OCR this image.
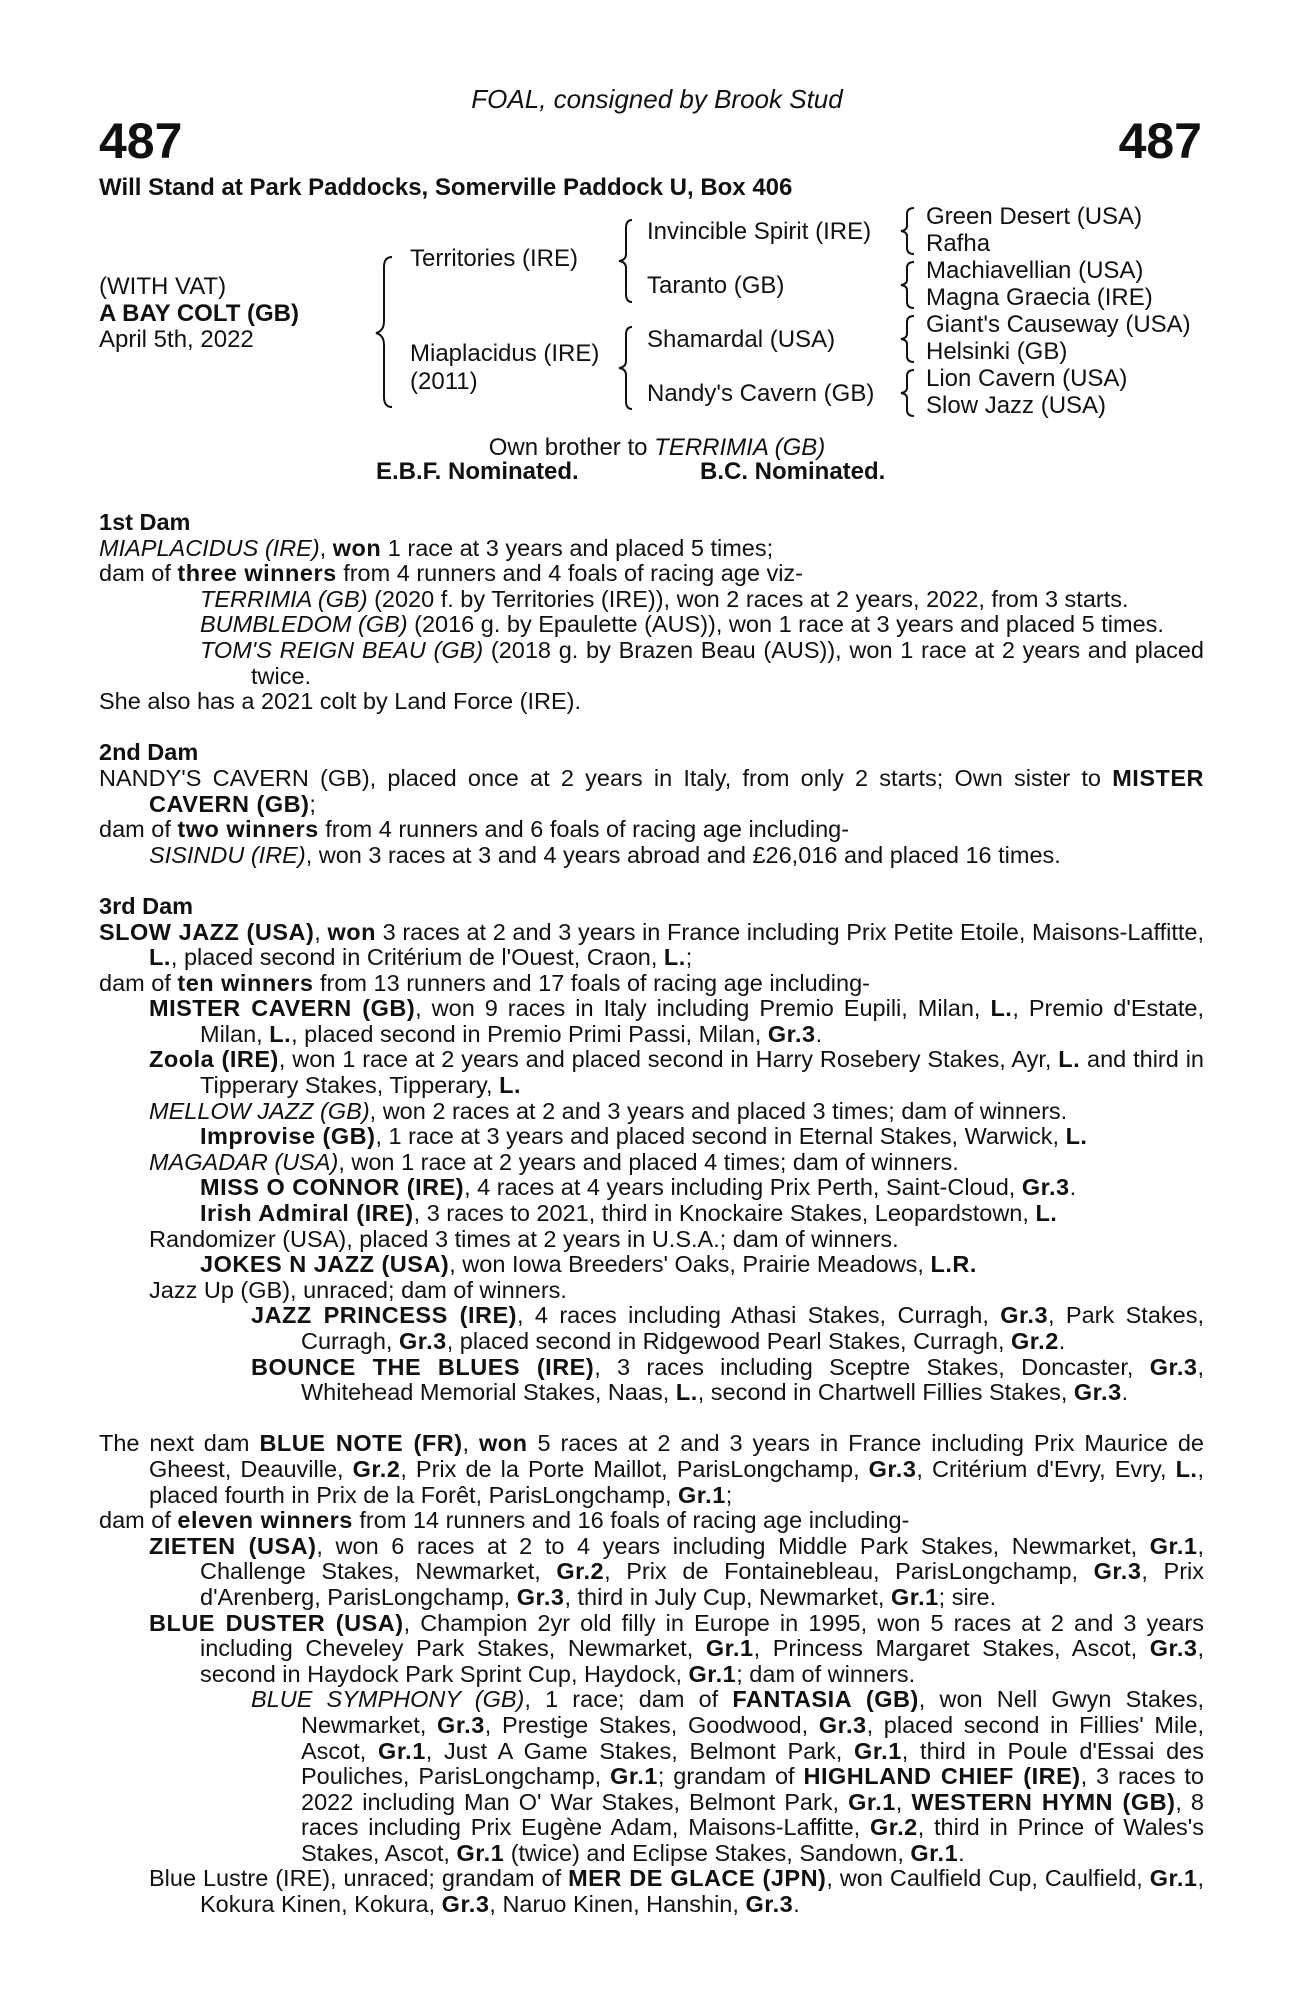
FOAL, consigned by Brook Stud
487	487
Will Stand at Park Paddocks, Somerville Paddock U, Box 406
(WITH VAT)
A BAY COLT (GB)
April 5th, 2022
Territories (IRE)
Miaplacidus (IRE)
(2011)
Invincible Spirit (IRE)
Taranto (GB)
Shamardal (USA)
Nandy's Cavern (GB)
Green Desert (USA)
Rafha
Machiavellian (USA)
Magna Graecia (IRE)
Giant's Causeway (USA)
Helsinki (GB)
Lion Cavern (USA)
Slow Jazz (USA)
Own brother to TERRIMIA (GB)
E.B.F. Nominated.	B.C. Nominated.
1st Dam
MIAPLACIDUS (IRE), won 1 race at 3 years and placed 5 times;
dam of three winners from 4 runners and 4 foals of racing age viz-
TERRIMIA (GB) (2020 f. by Territories (IRE)), won 2 races at 2 years, 2022, from 3 starts.
BUMBLEDOM (GB) (2016 g. by Epaulette (AUS)), won 1 race at 3 years and placed 5 times.
TOM'S REIGN BEAU (GB) (2018 g. by Brazen Beau (AUS)), won 1 race at 2 years and placed twice.
She also has a 2021 colt by Land Force (IRE).
2nd Dam
NANDY'S CAVERN (GB), placed once at 2 years in Italy, from only 2 starts; Own sister to MISTER CAVERN (GB);
dam of two winners from 4 runners and 6 foals of racing age including-
SISINDU (IRE), won 3 races at 3 and 4 years abroad and £26,016 and placed 16 times.
3rd Dam
SLOW JAZZ (USA), won 3 races at 2 and 3 years in France including Prix Petite Etoile, Maisons-Laffitte, L., placed second in Critérium de l'Ouest, Craon, L.;
dam of ten winners from 13 runners and 17 foals of racing age including-
MISTER CAVERN (GB), won 9 races in Italy including Premio Eupili, Milan, L., Premio d'Estate, Milan, L., placed second in Premio Primi Passi, Milan, Gr.3.
Zoola (IRE), won 1 race at 2 years and placed second in Harry Rosebery Stakes, Ayr, L. and third in Tipperary Stakes, Tipperary, L.
MELLOW JAZZ (GB), won 2 races at 2 and 3 years and placed 3 times; dam of winners.
Improvise (GB), 1 race at 3 years and placed second in Eternal Stakes, Warwick, L.
MAGADAR (USA), won 1 race at 2 years and placed 4 times; dam of winners.
MISS O CONNOR (IRE), 4 races at 4 years including Prix Perth, Saint-Cloud, Gr.3.
Irish Admiral (IRE), 3 races to 2021, third in Knockaire Stakes, Leopardstown, L.
Randomizer (USA), placed 3 times at 2 years in U.S.A.; dam of winners.
JOKES N JAZZ (USA), won Iowa Breeders' Oaks, Prairie Meadows, L.R.
Jazz Up (GB), unraced; dam of winners.
JAZZ PRINCESS (IRE), 4 races including Athasi Stakes, Curragh, Gr.3, Park Stakes, Curragh, Gr.3, placed second in Ridgewood Pearl Stakes, Curragh, Gr.2.
BOUNCE THE BLUES (IRE), 3 races including Sceptre Stakes, Doncaster, Gr.3, Whitehead Memorial Stakes, Naas, L., second in Chartwell Fillies Stakes, Gr.3.
The next dam BLUE NOTE (FR), won 5 races at 2 and 3 years in France including Prix Maurice de Gheest, Deauville, Gr.2, Prix de la Porte Maillot, ParisLongchamp, Gr.3, Critérium d'Evry, Evry, L., placed fourth in Prix de la Forêt, ParisLongchamp, Gr.1;
dam of eleven winners from 14 runners and 16 foals of racing age including-
ZIETEN (USA), won 6 races at 2 to 4 years including Middle Park Stakes, Newmarket, Gr.1, Challenge Stakes, Newmarket, Gr.2, Prix de Fontainebleau, ParisLongchamp, Gr.3, Prix d'Arenberg, ParisLongchamp, Gr.3, third in July Cup, Newmarket, Gr.1; sire.
BLUE DUSTER (USA), Champion 2yr old filly in Europe in 1995, won 5 races at 2 and 3 years including Cheveley Park Stakes, Newmarket, Gr.1, Princess Margaret Stakes, Ascot, Gr.3, second in Haydock Park Sprint Cup, Haydock, Gr.1; dam of winners.
BLUE SYMPHONY (GB), 1 race; dam of FANTASIA (GB), won Nell Gwyn Stakes, Newmarket, Gr.3, Prestige Stakes, Goodwood, Gr.3, placed second in Fillies' Mile, Ascot, Gr.1, Just A Game Stakes, Belmont Park, Gr.1, third in Poule d'Essai des Pouliches, ParisLongchamp, Gr.1; grandam of HIGHLAND CHIEF (IRE), 3 races to 2022 including Man O' War Stakes, Belmont Park, Gr.1, WESTERN HYMN (GB), 8 races including Prix Eugène Adam, Maisons-Laffitte, Gr.2, third in Prince of Wales's Stakes, Ascot, Gr.1 (twice) and Eclipse Stakes, Sandown, Gr.1.
Blue Lustre (IRE), unraced; grandam of MER DE GLACE (JPN), won Caulfield Cup, Caulfield, Gr.1, Kokura Kinen, Kokura, Gr.3, Naruo Kinen, Hanshin, Gr.3.
